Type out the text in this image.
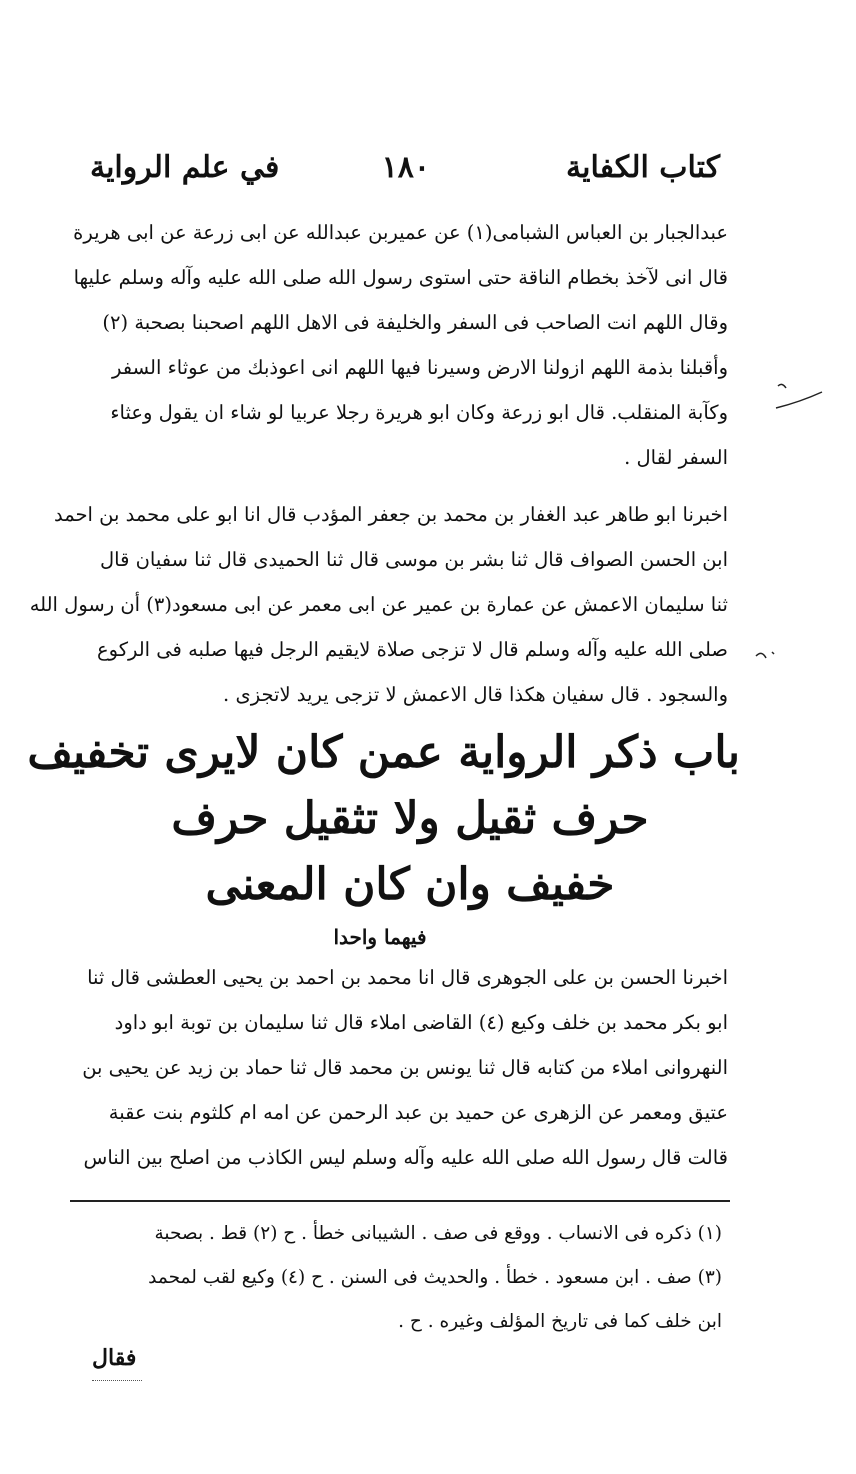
كتاب الكفاية
١٨٠
في علم الرواية
عبدالجبار بن العباس الشبامى(١) عن عميربن عبدالله عن ابى زرعة عن ابى هريرة
قال انى لآخذ بخطام الناقة حتى استوى رسول الله صلى الله عليه وآله وسلم عليها
وقال اللهم انت الصاحب فى السفر والخليفة فى الاهل اللهم اصحبنا بصحبة (٢)
وأقبلنا بذمة اللهم ازولنا الارض وسيرنا فيها اللهم انى اعوذبك من عوثاء السفر
وكآبة المنقلب. قال ابو زرعة وكان ابو هريرة رجلا عربيا لو شاء ان يقول وعثاء
السفر لقال .
اخبرنا ابو طاهر عبد الغفار بن محمد بن جعفر المؤدب قال انا ابو على محمد بن احمد
ابن الحسن الصواف قال ثنا بشر بن موسى قال ثنا الحميدى قال ثنا سفيان قال
ثنا سليمان الاعمش عن عمارة بن عمير عن ابى معمر عن ابى مسعود(٣) أن رسول الله
صلى الله عليه وآله وسلم قال لا تزجى صلاة لايقيم الرجل فيها صلبه فى الركوع
والسجود . قال سفيان هكذا قال الاعمش لا تزجى يريد لاتجزى .
باب ذكر الرواية عمن كان لايرى تخفيف
حرف ثقيل ولا تثقيل حرف
خفيف وان كان المعنى
فيهما واحدا
اخبرنا الحسن بن على الجوهرى قال انا محمد بن احمد بن يحيى العطشى قال ثنا
ابو بكر محمد بن خلف وكيع (٤) القاضى املاء قال ثنا سليمان بن توبة ابو داود
النهروانى املاء من كتابه قال ثنا يونس بن محمد قال ثنا حماد بن زيد عن يحيى بن
عتيق ومعمر عن الزهرى عن حميد بن عبد الرحمن عن امه ام كلثوم بنت عقبة
قالت قال رسول الله صلى الله عليه وآله وسلم ليس الكاذب من اصلح بين الناس
(١) ذكره فى الانساب . ووقع فى صف . الشيبانى خطأ . ح (٢) قط . بصحبة
(٣) صف . ابن مسعود . خطأ . والحديث فى السنن . ح (٤) وكيع لقب لمحمد
ابن خلف كما فى تاريخ المؤلف وغيره . ح .
فقال
